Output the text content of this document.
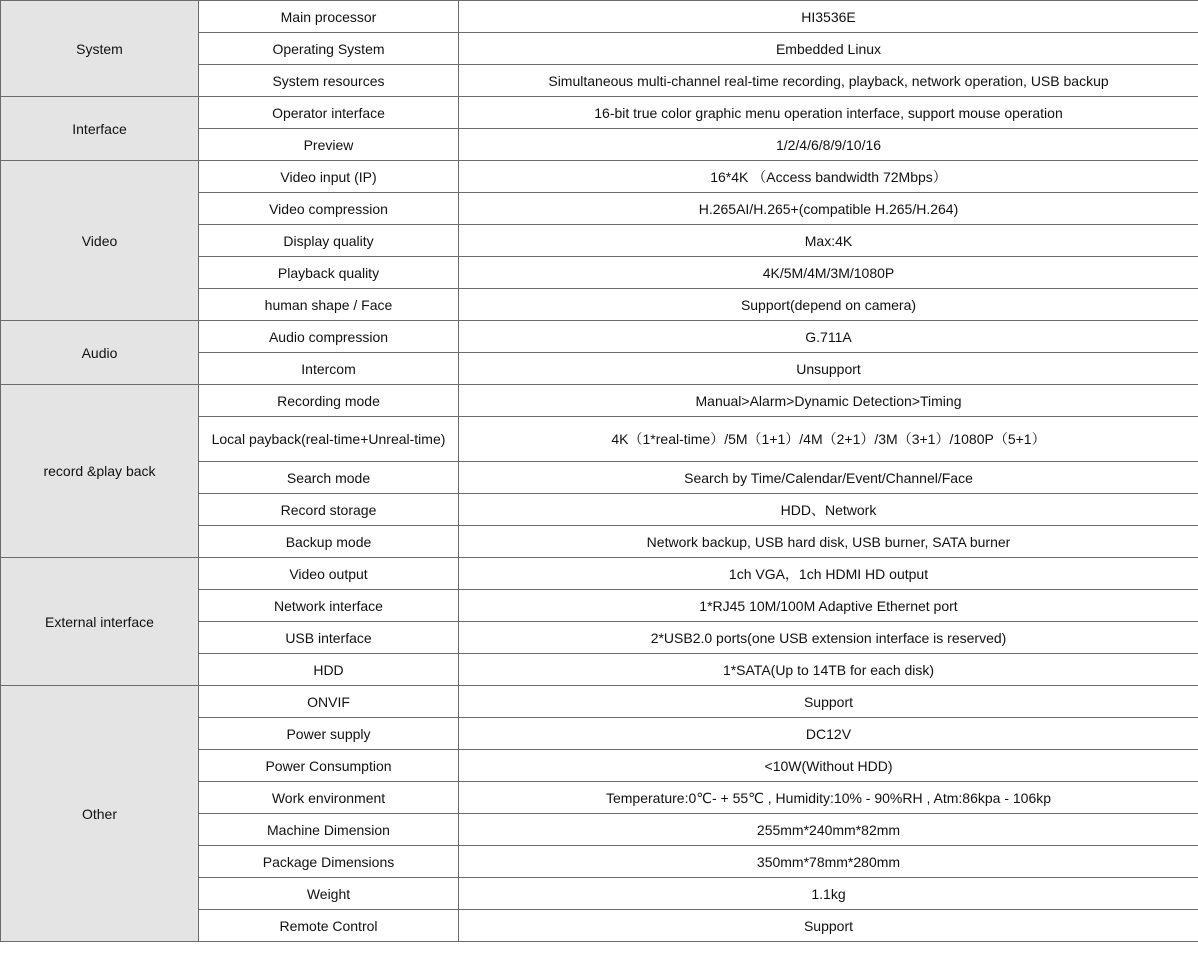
System	Main processor	HI3536E
	Operating System	Embedded Linux
	System resources	Simultaneous multi-channel real-time recording, playback, network operation, USB backup
Interface	Operator interface	16-bit true color graphic menu operation interface, support mouse operation
	Preview	1/2/4/6/8/9/10/16
Video	Video input (IP)	16*4K （Access bandwidth 72Mbps）
	Video compression	H.265AI/H.265+(compatible H.265/H.264)
	Display quality	Max:4K
	Playback quality	4K/5M/4M/3M/1080P
	human shape / Face	Support(depend on camera)
Audio	Audio compression	G.711A
	Intercom	Unsupport
record &play back	Recording mode	Manual>Alarm>Dynamic Detection>Timing
	Local payback(real-time+Unreal-time)	4K（1*real-time）/5M（1+1）/4M（2+1）/3M（3+1）/1080P（5+1）
	Search mode	Search by Time/Calendar/Event/Channel/Face
	Record storage	HDD、Network
	Backup mode	Network backup, USB hard disk, USB burner, SATA burner
External interface	Video output	1ch VGA，1ch HDMI HD output
	Network interface	1*RJ45 10M/100M Adaptive Ethernet port
	USB interface	2*USB2.0 ports(one USB extension interface is reserved)
	HDD	1*SATA(Up to 14TB for each disk)
Other	ONVIF	Support
	Power supply	DC12V
	Power Consumption	<10W(Without HDD)
	Work environment	Temperature:0℃- + 55℃ , Humidity:10% - 90%RH , Atm:86kpa - 106kp
	Machine Dimension	255mm*240mm*82mm
	Package Dimensions	350mm*78mm*280mm
	Weight	1.1kg
	Remote Control	Support
